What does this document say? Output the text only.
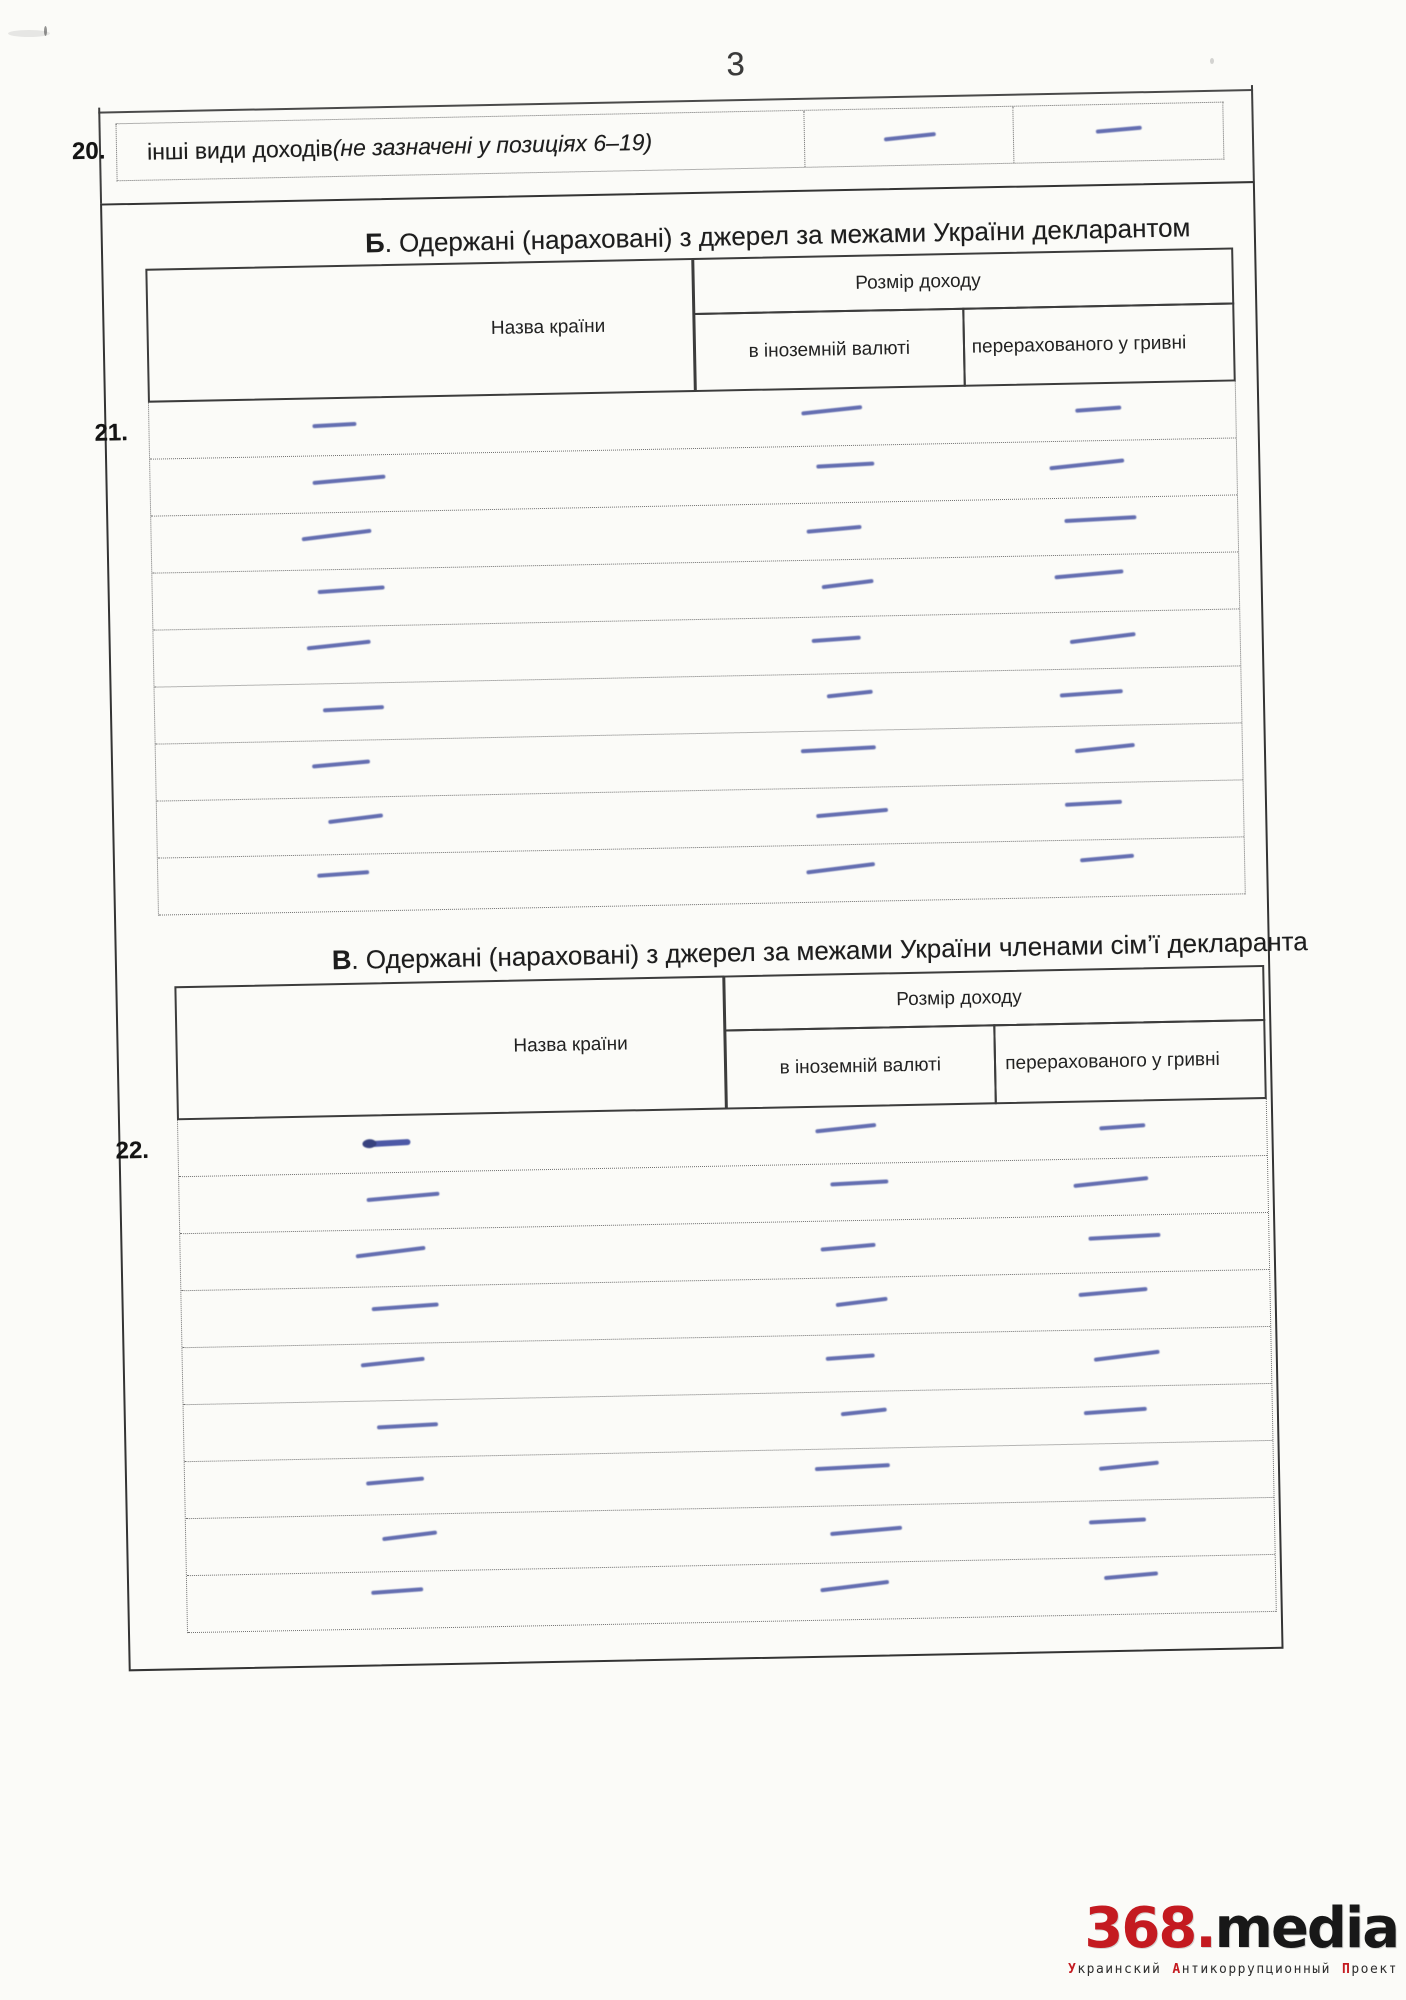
3
20. інші види доходів (не зазначені у позиціях 6–19)
Б. Одержані (нараховані) з джерел за межами України декларантом
21.
Назва країни
Розмір доходу
в іноземній валюті	перерахованого у гривні
В. Одержані (нараховані) з джерел за межами України членами сім’ї декларанта
22.
Назва країни
Розмір доходу
в іноземній валюті	перерахованого у гривні
368.media
Украинский Антикоррупционный Проект
